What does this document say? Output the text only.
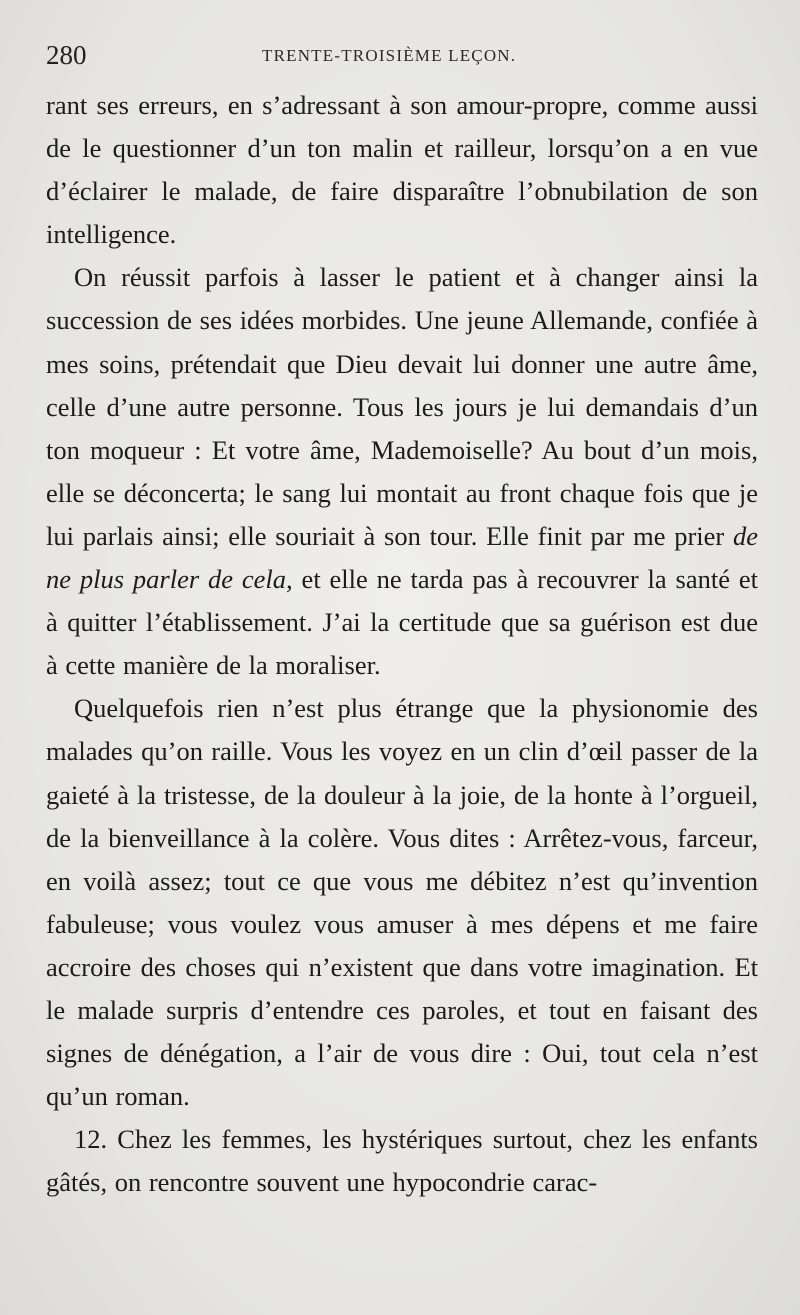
280	TRENTE-TROISIÈME LEÇON.

rant ses erreurs, en s’adressant à son amour-propre, comme aussi de le questionner d’un ton malin et railleur, lorsqu’on a en vue d’éclairer le malade, de faire disparaître l’obnubilation de son intelligence.

On réussit parfois à lasser le patient et à changer ainsi la succession de ses idées morbides. Une jeune Allemande, confiée à mes soins, prétendait que Dieu devait lui donner une autre âme, celle d’une autre personne. Tous les jours je lui demandais d’un ton moqueur : Et votre âme, Mademoiselle? Au bout d’un mois, elle se déconcerta; le sang lui montait au front chaque fois que je lui parlais ainsi; elle souriait à son tour. Elle finit par me prier de ne plus parler de cela, et elle ne tarda pas à recouvrer la santé et à quitter l’établissement. J’ai la certitude que sa guérison est due à cette manière de la moraliser.

Quelquefois rien n’est plus étrange que la physionomie des malades qu’on raille. Vous les voyez en un clin d’œil passer de la gaieté à la tristesse, de la douleur à la joie, de la honte à l’orgueil, de la bienveillance à la colère. Vous dites : Arrêtez-vous, farceur, en voilà assez; tout ce que vous me débitez n’est qu’invention fabuleuse; vous voulez vous amuser à mes dépens et me faire accroire des choses qui n’existent que dans votre imagination. Et le malade surpris d’entendre ces paroles, et tout en faisant des signes de dénégation, a l’air de vous dire : Oui, tout cela n’est qu’un roman.

12. Chez les femmes, les hystériques surtout, chez les enfants gâtés, on rencontre souvent une hypocondrie carac-
